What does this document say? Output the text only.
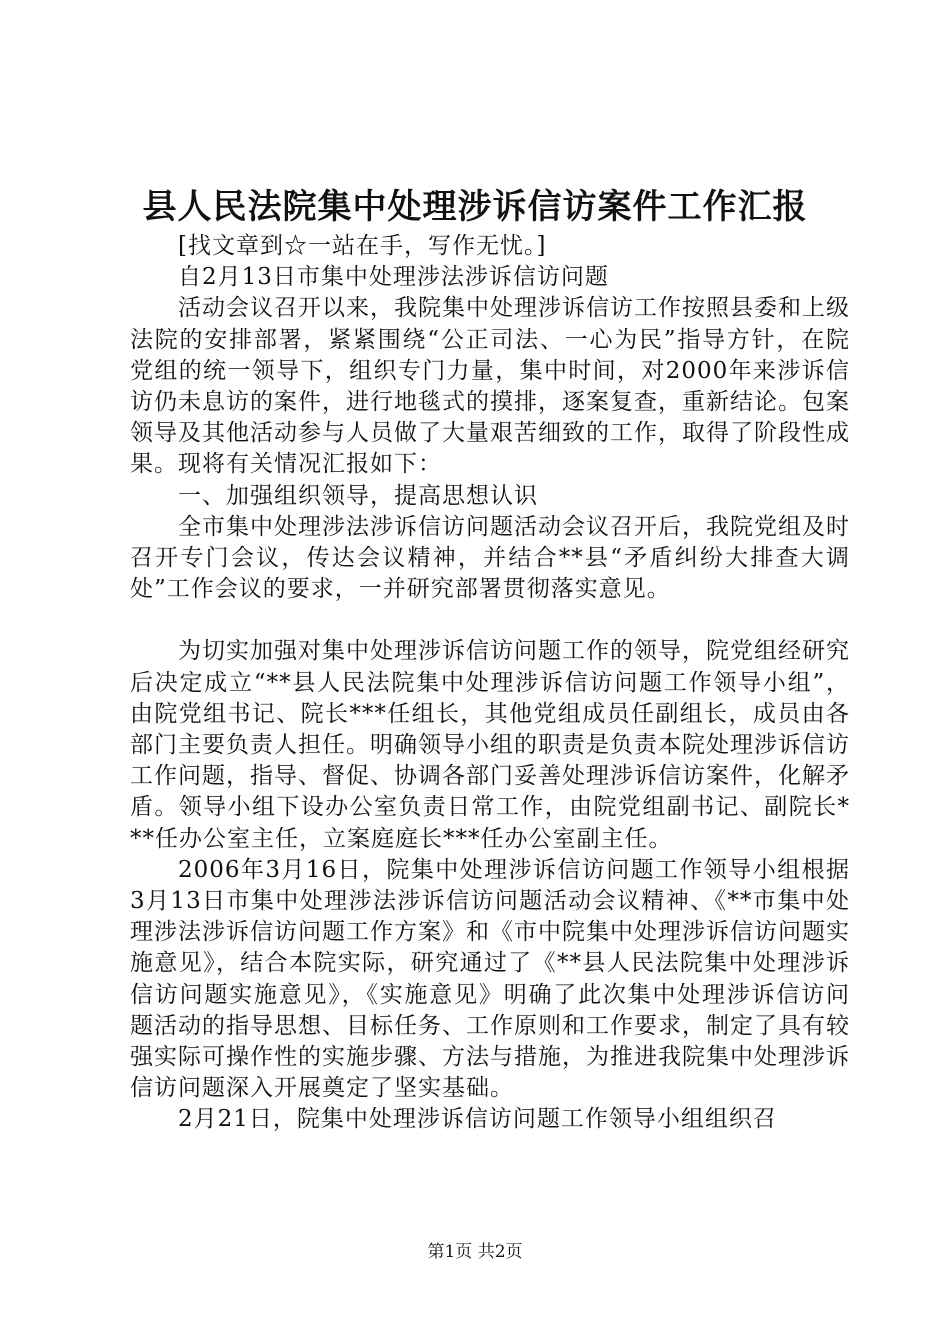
县人民法院集中处理涉诉信访案件工作汇报

[找文章到☆一站在手，写作无忧。]

自2月13日市集中处理涉法涉诉信访问题

活动会议召开以来，我院集中处理涉诉信访工作按照县委和上级法院的安排部署，紧紧围绕“公正司法、一心为民”指导方针，在院党组的统一领导下，组织专门力量，集中时间，对2000年来涉诉信访仍未息访的案件，进行地毯式的摸排，逐案复查，重新结论。包案领导及其他活动参与人员做了大量艰苦细致的工作，取得了阶段性成果。现将有关情况汇报如下：

一、加强组织领导，提高思想认识

全市集中处理涉法涉诉信访问题活动会议召开后，我院党组及时召开专门会议，传达会议精神，并结合**县“矛盾纠纷大排查大调处”工作会议的要求，一并研究部署贯彻落实意见。

为切实加强对集中处理涉诉信访问题工作的领导，院党组经研究后决定成立“**县人民法院集中处理涉诉信访问题工作领导小组”，由院党组书记、院长***任组长，其他党组成员任副组长，成员由各部门主要负责人担任。明确领导小组的职责是负责本院处理涉诉信访工作问题，指导、督促、协调各部门妥善处理涉诉信访案件，化解矛盾。领导小组下设办公室负责日常工作，由院党组副书记、副院长***任办公室主任，立案庭庭长***任办公室副主任。

2006年3月16日，院集中处理涉诉信访问题工作领导小组根据3月13日市集中处理涉法涉诉信访问题活动会议精神、《**市集中处理涉法涉诉信访问题工作方案》和《市中院集中处理涉诉信访问题实施意见》，结合本院实际，研究通过了《**县人民法院集中处理涉诉信访问题实施意见》，《实施意见》明确了此次集中处理涉诉信访问题活动的指导思想、目标任务、工作原则和工作要求，制定了具有较强实际可操作性的实施步骤、方法与措施，为推进我院集中处理涉诉信访问题深入开展奠定了坚实基础。

2月21日，院集中处理涉诉信访问题工作领导小组组织召

第1页 共2页
